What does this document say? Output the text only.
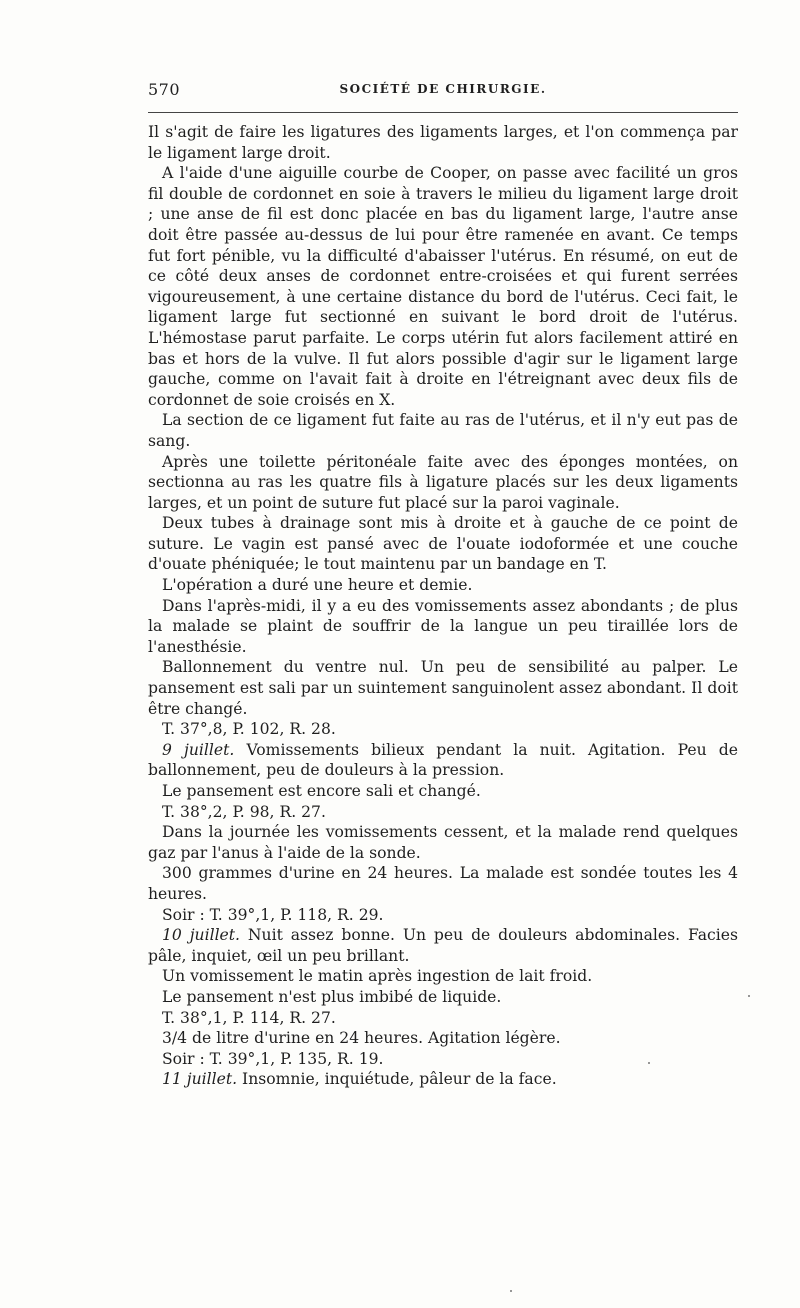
570	SOCIÉTÉ DE CHIRURGIE.

Il s'agit de faire les ligatures des ligaments larges, et l'on commença par le ligament large droit.

A l'aide d'une aiguille courbe de Cooper, on passe avec facilité un gros fil double de cordonnet en soie à travers le milieu du ligament large droit ; une anse de fil est donc placée en bas du ligament large, l'autre anse doit être passée au-dessus de lui pour être ramenée en avant. Ce temps fut fort pénible, vu la difficulté d'abaisser l'utérus. En résumé, on eut de ce côté deux anses de cordonnet entre-croisées et qui furent serrées vigoureusement, à une certaine distance du bord de l'utérus. Ceci fait, le ligament large fut sectionné en suivant le bord droit de l'utérus. L'hémostase parut parfaite. Le corps utérin fut alors facilement attiré en bas et hors de la vulve. Il fut alors possible d'agir sur le ligament large gauche, comme on l'avait fait à droite en l'étreignant avec deux fils de cordonnet de soie croisés en X.

La section de ce ligament fut faite au ras de l'utérus, et il n'y eut pas de sang.

Après une toilette péritonéale faite avec des éponges montées, on sectionna au ras les quatre fils à ligature placés sur les deux ligaments larges, et un point de suture fut placé sur la paroi vaginale.

Deux tubes à drainage sont mis à droite et à gauche de ce point de suture. Le vagin est pansé avec de l'ouate iodoformée et une couche d'ouate phéniquée; le tout maintenu par un bandage en T.

L'opération a duré une heure et demie.

Dans l'après-midi, il y a eu des vomissements assez abondants ; de plus la malade se plaint de souffrir de la langue un peu tiraillée lors de l'anesthésie.

Ballonnement du ventre nul. Un peu de sensibilité au palper. Le pansement est sali par un suintement sanguinolent assez abondant. Il doit être changé.

T. 37°,8, P. 102, R. 28.

9 juillet. Vomissements bilieux pendant la nuit. Agitation. Peu de ballonnement, peu de douleurs à la pression.

Le pansement est encore sali et changé.

T. 38°,2, P. 98, R. 27.

Dans la journée les vomissements cessent, et la malade rend quelques gaz par l'anus à l'aide de la sonde.

300 grammes d'urine en 24 heures. La malade est sondée toutes les 4 heures.

Soir : T. 39°,1, P. 118, R. 29.

10 juillet. Nuit assez bonne. Un peu de douleurs abdominales. Facies pâle, inquiet, œil un peu brillant.

Un vomissement le matin après ingestion de lait froid.

Le pansement n'est plus imbibé de liquide.

T. 38°,1, P. 114, R. 27.

3/4 de litre d'urine en 24 heures. Agitation légère.

Soir : T. 39°,1, P. 135, R. 19.

11 juillet. Insomnie, inquiétude, pâleur de la face.
